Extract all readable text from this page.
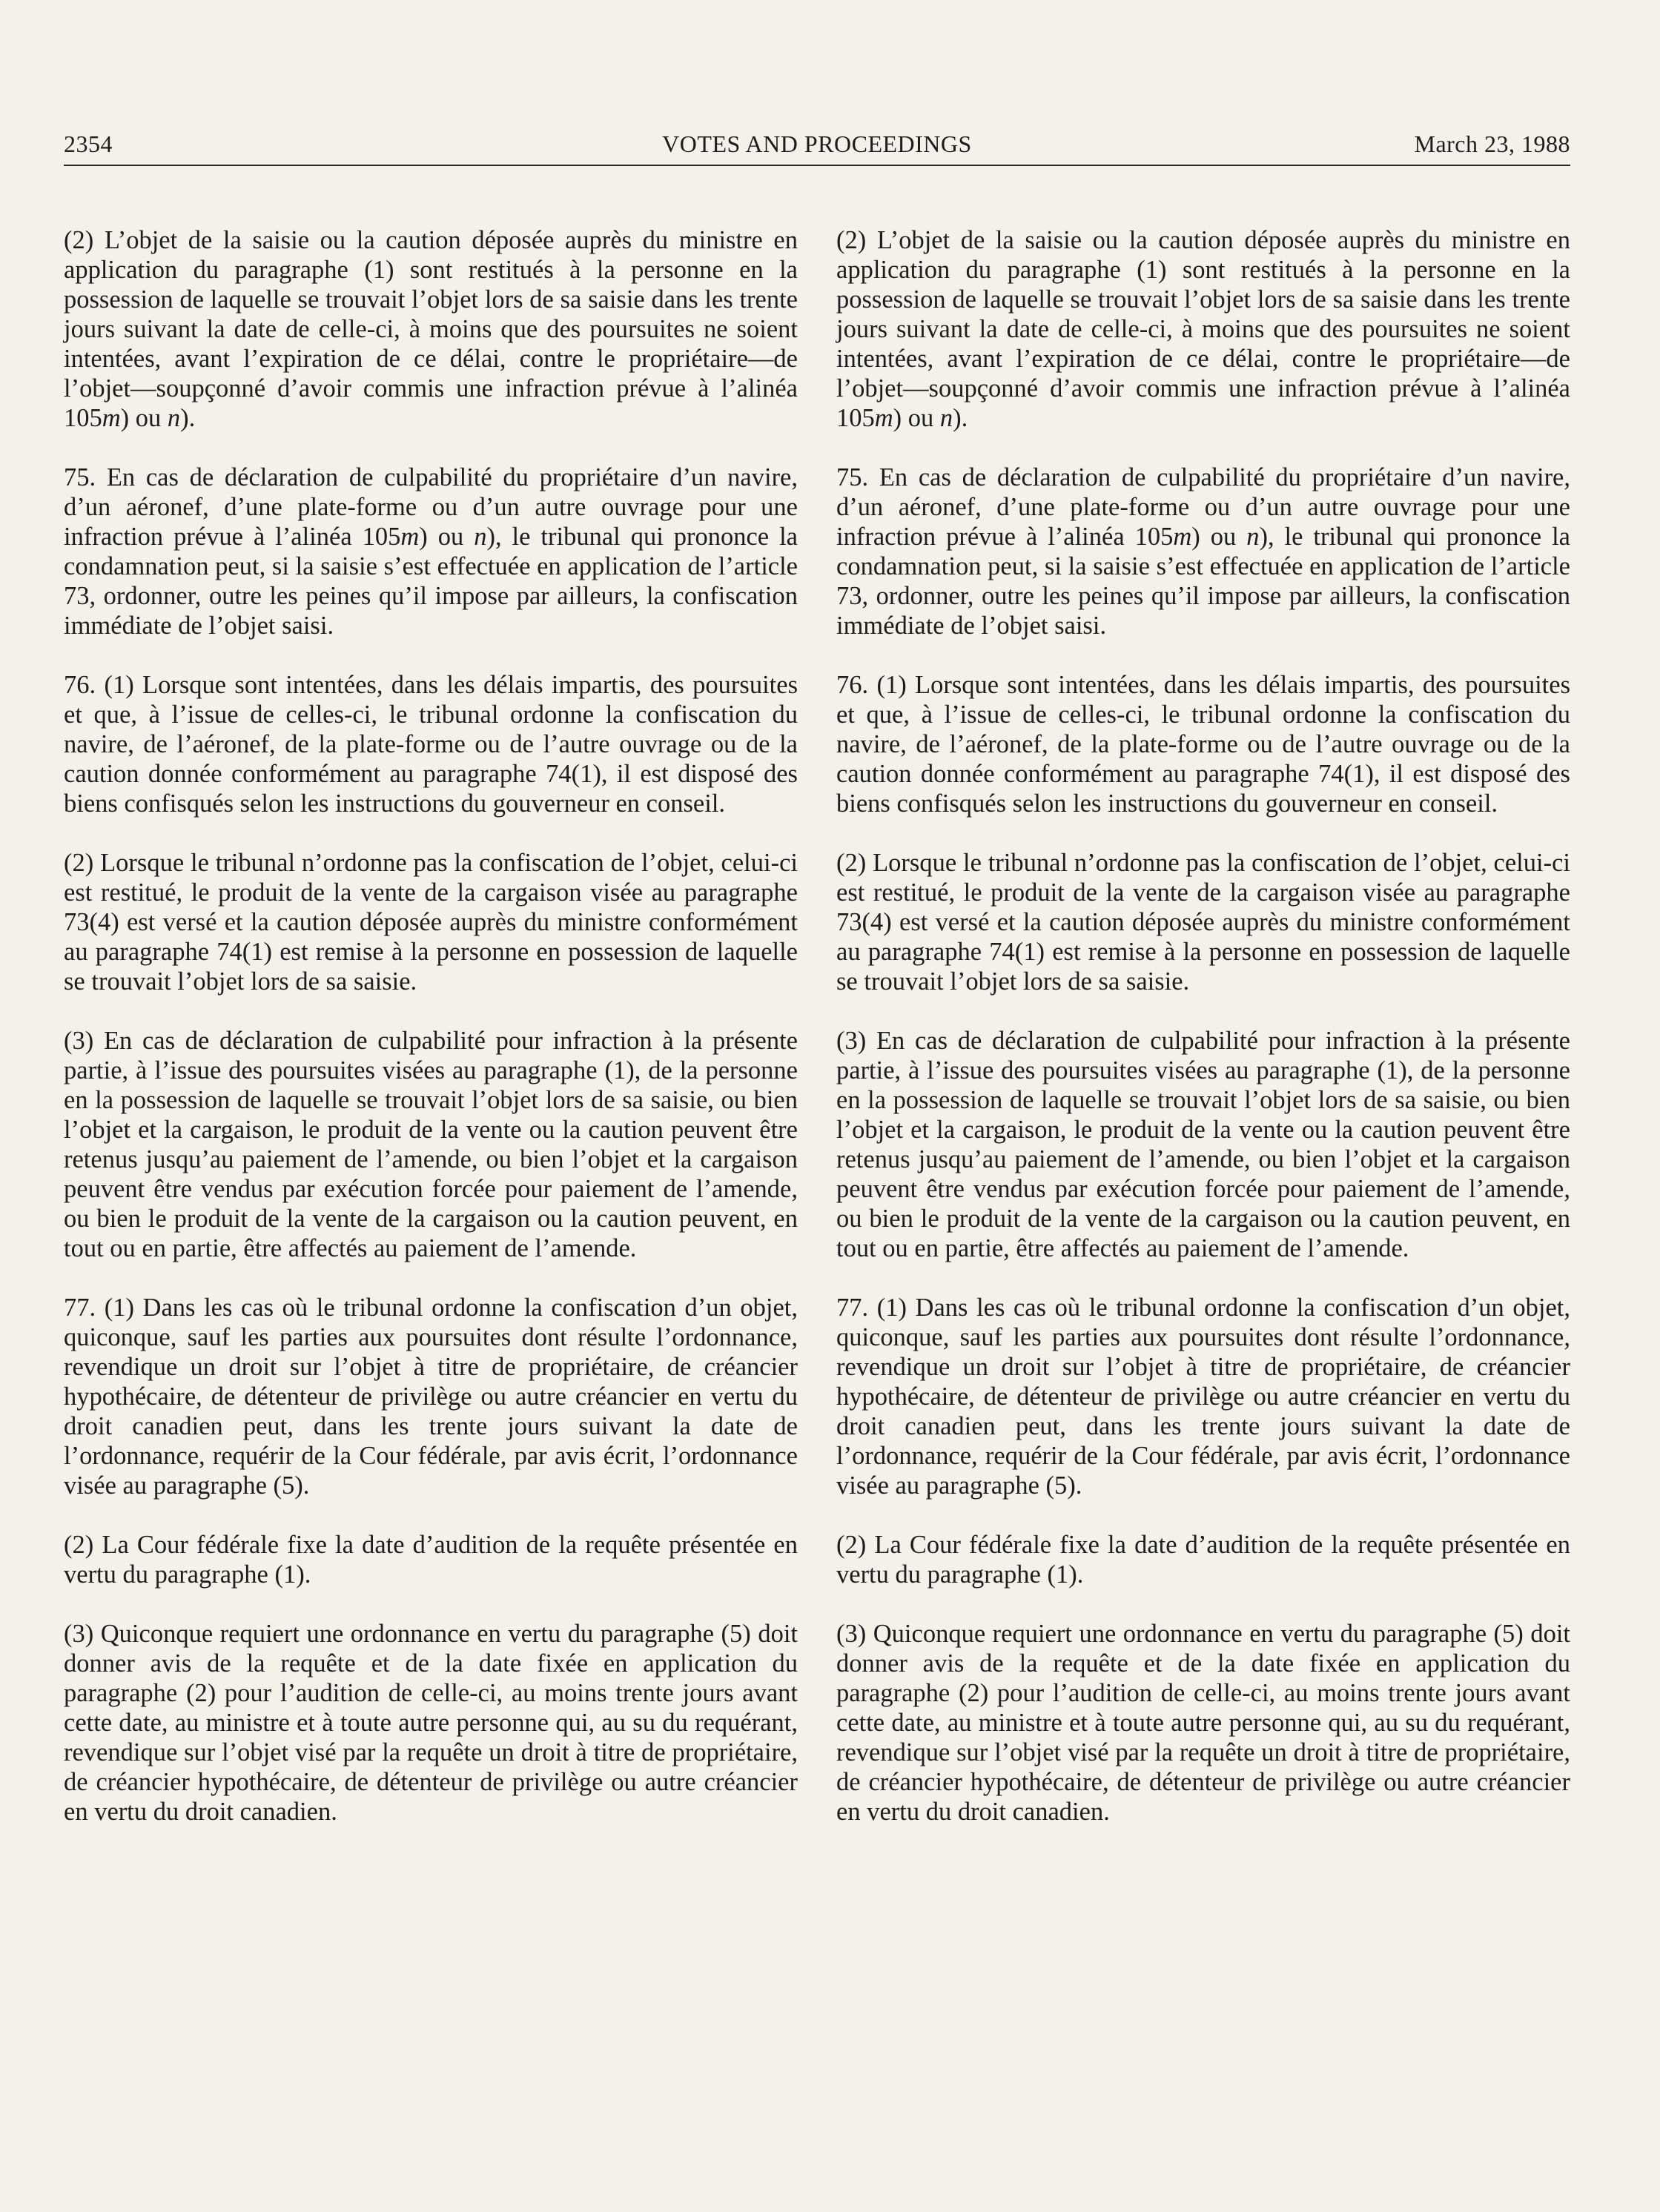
VOTES AND PROCEEDINGS
2354	March 23, 1988

(2) L’objet de la saisie ou la caution déposée auprès du ministre en application du paragraphe (1) sont restitués à la personne en la possession de laquelle se trouvait l’objet lors de sa saisie dans les trente jours suivant la date de celle-ci, à moins que des poursuites ne soient intentées, avant l’expiration de ce délai, contre le propriétaire—de l’objet—soupçonné d’avoir commis une infraction prévue à l’alinéa 105m) ou n).

75. En cas de déclaration de culpabilité du propriétaire d’un navire, d’un aéronef, d’une plate-forme ou d’un autre ouvrage pour une infraction prévue à l’alinéa 105m) ou n), le tribunal qui prononce la condamnation peut, si la saisie s’est effectuée en application de l’article 73, ordonner, outre les peines qu’il impose par ailleurs, la confiscation immédiate de l’objet saisi.

76. (1) Lorsque sont intentées, dans les délais impartis, des poursuites et que, à l’issue de celles-ci, le tribunal ordonne la confiscation du navire, de l’aéronef, de la plate-forme ou de l’autre ouvrage ou de la caution donnée conformément au paragraphe 74(1), il est disposé des biens confisqués selon les instructions du gouverneur en conseil.

(2) Lorsque le tribunal n’ordonne pas la confiscation de l’objet, celui-ci est restitué, le produit de la vente de la cargaison visée au paragraphe 73(4) est versé et la caution déposée auprès du ministre conformément au paragraphe 74(1) est remise à la personne en possession de laquelle se trouvait l’objet lors de sa saisie.

(3) En cas de déclaration de culpabilité pour infraction à la présente partie, à l’issue des poursuites visées au paragraphe (1), de la personne en la possession de laquelle se trouvait l’objet lors de sa saisie, ou bien l’objet et la cargaison, le produit de la vente ou la caution peuvent être retenus jusqu’au paiement de l’amende, ou bien l’objet et la cargaison peuvent être vendus par exécution forcée pour paiement de l’amende, ou bien le produit de la vente de la cargaison ou la caution peuvent, en tout ou en partie, être affectés au paiement de l’amende.

77. (1) Dans les cas où le tribunal ordonne la confiscation d’un objet, quiconque, sauf les parties aux poursuites dont résulte l’ordonnance, revendique un droit sur l’objet à titre de propriétaire, de créancier hypothécaire, de détenteur de privilège ou autre créancier en vertu du droit canadien peut, dans les trente jours suivant la date de l’ordonnance, requérir de la Cour fédérale, par avis écrit, l’ordonnance visée au paragraphe (5).

(2) La Cour fédérale fixe la date d’audition de la requête présentée en vertu du paragraphe (1).

(3) Quiconque requiert une ordonnance en vertu du paragraphe (5) doit donner avis de la requête et de la date fixée en application du paragraphe (2) pour l’audition de celle-ci, au moins trente jours avant cette date, au ministre et à toute autre personne qui, au su du requérant, revendique sur l’objet visé par la requête un droit à titre de propriétaire, de créancier hypothécaire, de détenteur de privilège ou autre créancier en vertu du droit canadien.

(2) L’objet de la saisie ou la caution déposée auprès du ministre en application du paragraphe (1) sont restitués à la personne en la possession de laquelle se trouvait l’objet lors de sa saisie dans les trente jours suivant la date de celle-ci, à moins que des poursuites ne soient intentées, avant l’expiration de ce délai, contre le propriétaire—de l’objet—soupçonné d’avoir commis une infraction prévue à l’alinéa 105m) ou n).

75. En cas de déclaration de culpabilité du propriétaire d’un navire, d’un aéronef, d’une plate-forme ou d’un autre ouvrage pour une infraction prévue à l’alinéa 105m) ou n), le tribunal qui prononce la condamnation peut, si la saisie s’est effectuée en application de l’article 73, ordonner, outre les peines qu’il impose par ailleurs, la confiscation immédiate de l’objet saisi.

76. (1) Lorsque sont intentées, dans les délais impartis, des poursuites et que, à l’issue de celles-ci, le tribunal ordonne la confiscation du navire, de l’aéronef, de la plate-forme ou de l’autre ouvrage ou de la caution donnée conformément au paragraphe 74(1), il est disposé des biens confisqués selon les instructions du gouverneur en conseil.

(2) Lorsque le tribunal n’ordonne pas la confiscation de l’objet, celui-ci est restitué, le produit de la vente de la cargaison visée au paragraphe 73(4) est versé et la caution déposée auprès du ministre conformément au paragraphe 74(1) est remise à la personne en possession de laquelle se trouvait l’objet lors de sa saisie.

(3) En cas de déclaration de culpabilité pour infraction à la présente partie, à l’issue des poursuites visées au paragraphe (1), de la personne en la possession de laquelle se trouvait l’objet lors de sa saisie, ou bien l’objet et la cargaison, le produit de la vente ou la caution peuvent être retenus jusqu’au paiement de l’amende, ou bien l’objet et la cargaison peuvent être vendus par exécution forcée pour paiement de l’amende, ou bien le produit de la vente de la cargaison ou la caution peuvent, en tout ou en partie, être affectés au paiement de l’amende.

77. (1) Dans les cas où le tribunal ordonne la confiscation d’un objet, quiconque, sauf les parties aux poursuites dont résulte l’ordonnance, revendique un droit sur l’objet à titre de propriétaire, de créancier hypothécaire, de détenteur de privilège ou autre créancier en vertu du droit canadien peut, dans les trente jours suivant la date de l’ordonnance, requérir de la Cour fédérale, par avis écrit, l’ordonnance visée au paragraphe (5).

(2) La Cour fédérale fixe la date d’audition de la requête présentée en vertu du paragraphe (1).

(3) Quiconque requiert une ordonnance en vertu du paragraphe (5) doit donner avis de la requête et de la date fixée en application du paragraphe (2) pour l’audition de celle-ci, au moins trente jours avant cette date, au ministre et à toute autre personne qui, au su du requérant, revendique sur l’objet visé par la requête un droit à titre de propriétaire, de créancier hypothécaire, de détenteur de privilège ou autre créancier en vertu du droit canadien.
